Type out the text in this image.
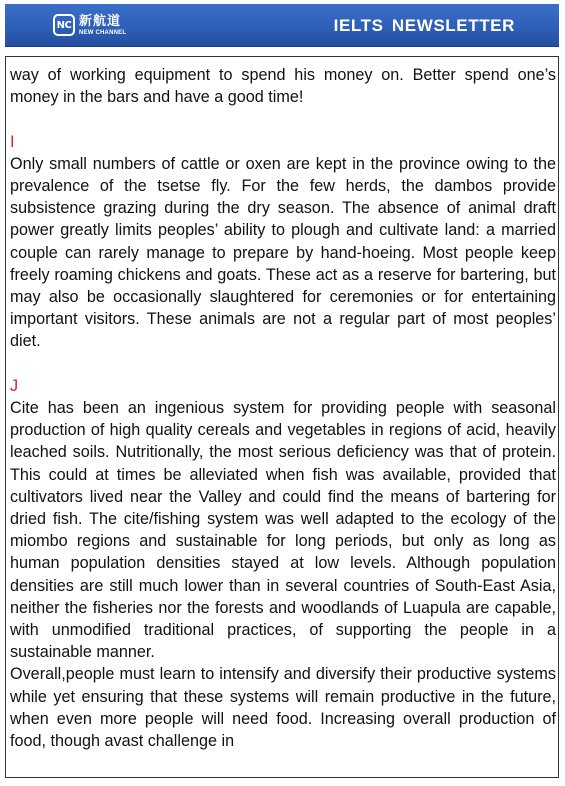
NC 新航道
NEW CHANNEL	IELTS NEWSLETTER

way of working equipment to spend his money on. Better spend one’s money in the bars and have a good time!

I

Only small numbers of cattle or oxen are kept in the province owing to the prevalence of the tsetse fly. For the few herds, the dambos provide subsistence grazing during the dry season. The absence of animal draft power greatly limits peoples’ ability to plough and cultivate land: a married couple can rarely manage to prepare by hand-hoeing. Most people keep freely roaming chickens and goats. These act as a reserve for bartering, but may also be occasionally slaughtered for ceremonies or for entertaining important visitors. These animals are not a regular part of most peoples’ diet.

J

Cite has been an ingenious system for providing people with seasonal production of high quality cereals and vegetables in regions of acid, heavily leached soils. Nutritionally, the most serious deficiency was that of protein. This could at times be alleviated when fish was available, provided that cultivators lived near the Valley and could find the means of bartering for dried fish. The cite/fishing system was well adapted to the ecology of the miombo regions and sustainable for long periods, but only as long as human population densities stayed at low levels. Although population densities are still much lower than in several countries of South-East Asia, neither the fisheries nor the forests and woodlands of Luapula are capable, with unmodified traditional practices, of supporting the people in a sustainable manner.

Overall,people must learn to intensify and diversify their productive systems while yet ensuring that these systems will remain productive in the future, when even more people will need food. Increasing overall production of food, though avast challenge in
